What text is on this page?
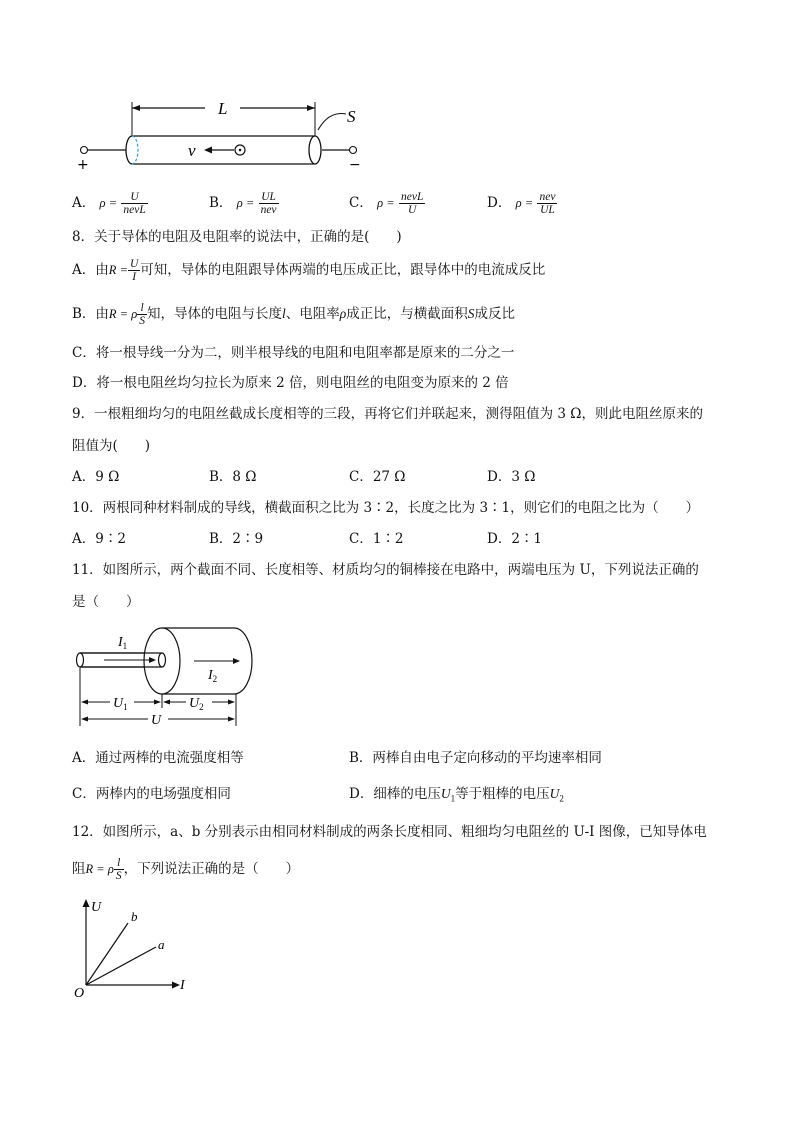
L	S
v
+	−
A． $\rho = \frac{U}{\text{nevL}}$	B． $\rho = \frac{UL}{\text{nev}}$	C． $\rho = \frac{\text{nevL}}{U}$	D． $\rho = \frac{\text{nev}}{UL}$
8．关于导体的电阻及电阻率的说法中，正确的是(　　)
A．由$R = \frac{U}{I}$ 可知，导体的电阻跟导体两端的电压成正比，跟导体中的电流成反比
B．由R = ρ $\frac{l}{S}$ 知，导体的电阻与长度l、电阻率ρ成正比，与横截面积S成反比
C．将一根导线一分为二，则半根导线的电阻和电阻率都是原来的二分之一
D．将一根电阻丝均匀拉长为原来 2 倍，则电阻丝的电阻变为原来的 2 倍
9．一根粗细均匀的电阻丝截成长度相等的三段，再将它们并联起来，测得阻值为 3 Ω，则此电阻丝原来的
阻值为(　　)
A．9 Ω	B．8 Ω	C．27 Ω	D．3 Ω
10．两根同种材料制成的导线，横截面积之比为 3∶2，长度之比为 3∶1，则它们的电阻之比为（　　）
A．9∶2	B．2∶9	C．1∶2	D．2∶1
11．如图所示，两个截面不同、长度相等、材质均匀的铜棒接在电路中，两端电压为 U，下列说法正确的
是（　　）
$I_1$
$I_2$
$U_1$	$U_2$
U
A．通过两棒的电流强度相等	B．两棒自由电子定向移动的平均速率相同
C．两棒内的电场强度相同	D．细棒的电压$U_1$等于粗棒的电压$U_2$
12．如图所示，a、b 分别表示由相同材料制成的两条长度相同、粗细均匀电阻丝的 U-I 图像，已知导体电
阻R = ρ $\frac{l}{S}$ ，下列说法正确的是（　　）
U
I
O
b
a
